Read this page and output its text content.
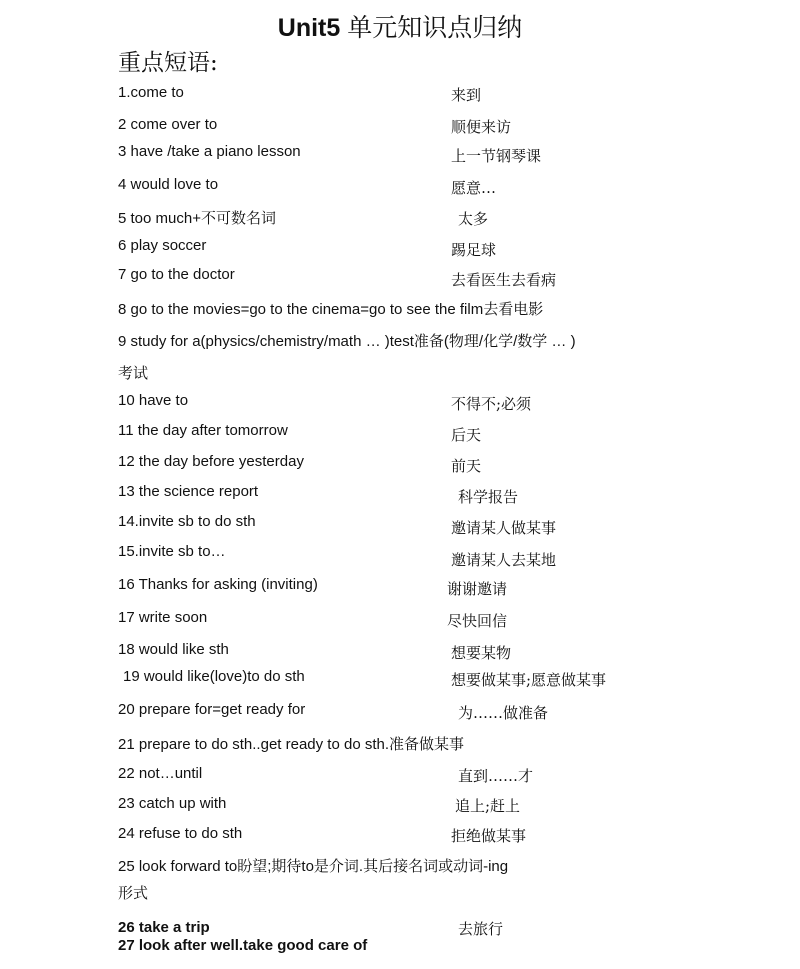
Unit5 单元知识点归纳
重点短语:
1.come to
2 come over to
3 have /take a piano lesson
4 would love to
5 too much+不可数名词
6 play soccer
7 go to the doctor
8 go to the movies=go to the cinema=go to see the film去看电影
9 study for a(physics/chemistry/math … )test准备(物理/化学/数学 … )
考试
10 have to
11 the day after tomorrow
12 the day before yesterday
13 the science report
14.invite sb to do sth
15.invite sb to…
16 Thanks for asking (inviting)
17 write soon
18 would like sth
19 would like(love)to do sth
20 prepare for=get ready for
21 prepare to do sth..get ready to do sth.准备做某事
22 not…until
23 catch up with
24 refuse to do sth
25 look forward to盼望;期待to是介词.其后接名词或动词-ing
形式
26 take a trip
27 look after well.take good care of
来到
顺便来访
上一节钢琴课
愿意…
太多
踢足球
去看医生去看病
不得不;必须
后天
前天
科学报告
邀请某人做某事
邀请某人去某地
谢谢邀请
尽快回信
想要某物
想要做某事;愿意做某事
为……做准备
直到……才
追上;赶上
拒绝做某事
去旅行
